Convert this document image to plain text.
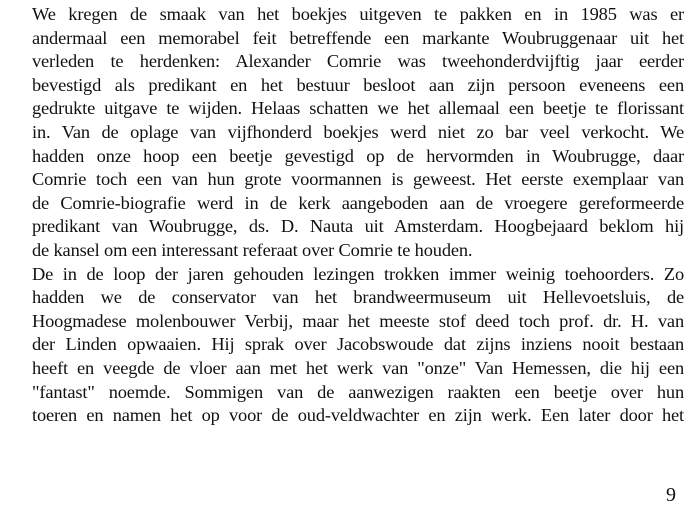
We kregen de smaak van het boekjes uitgeven te pakken en in 1985 was er
andermaal een memorabel feit betreffende een markante Woubruggenaar uit het
verleden te herdenken: Alexander Comrie was tweehonderdvijftig jaar eerder
bevestigd als predikant en het bestuur besloot aan zijn persoon eveneens een
gedrukte uitgave te wijden. Helaas schatten we het allemaal een beetje te florissant
in. Van de oplage van vijfhonderd boekjes werd niet zo bar veel verkocht. We
hadden onze hoop een beetje gevestigd op de hervormden in Woubrugge, daar
Comrie toch een van hun grote voormannen is geweest. Het eerste exemplaar van
de Comrie-biografie werd in de kerk aangeboden aan de vroegere gereformeerde
predikant van Woubrugge, ds. D. Nauta uit Amsterdam. Hoogbejaard beklom hij
de kansel om een interessant referaat over Comrie te houden.
De in de loop der jaren gehouden lezingen trokken immer weinig toehoorders. Zo
hadden we de conservator van het brandweermuseum uit Hellevoetsluis, de
Hoogmadese molenbouwer Verbij, maar het meeste stof deed toch prof. dr. H. van
der Linden opwaaien. Hij sprak over Jacobswoude dat zijns inziens nooit bestaan
heeft en veegde de vloer aan met het werk van "onze" Van Hemessen, die hij een
"fantast" noemde. Sommigen van de aanwezigen raakten een beetje over hun
toeren en namen het op voor de oud-veldwachter en zijn werk. Een later door het
9
